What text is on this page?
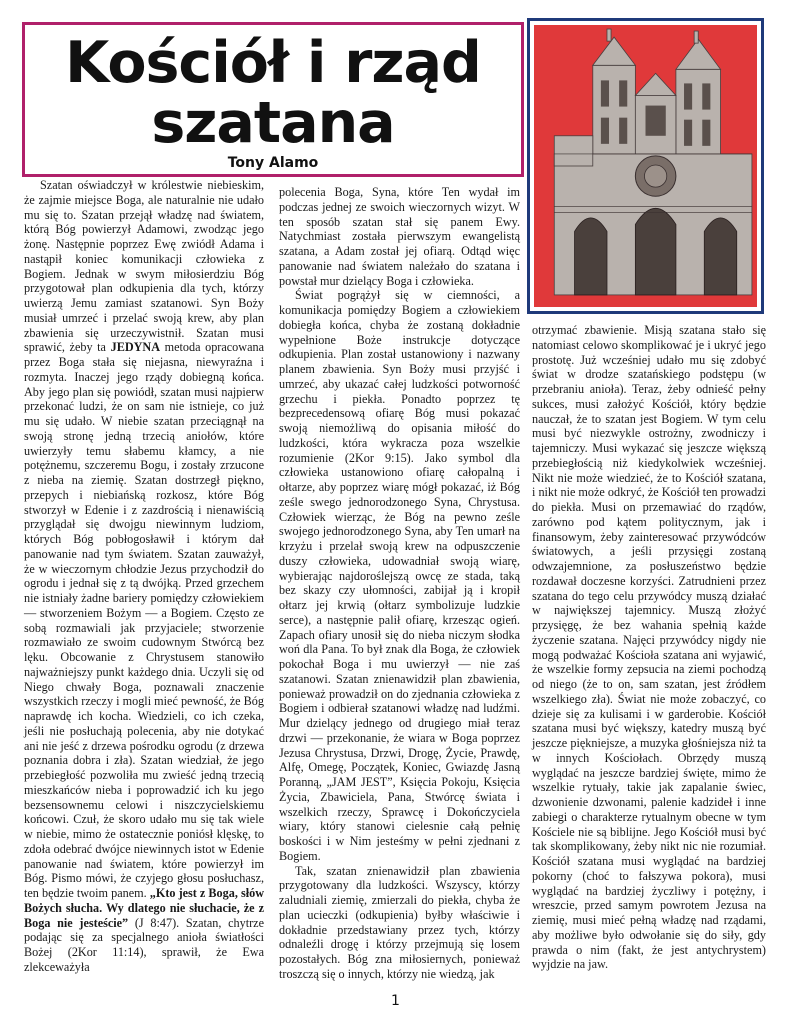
Kościół i rząd szatana
Tony Alamo

Szatan oświadczył w królestwie niebieskim, że zajmie miejsce Boga, ale naturalnie nie udało mu się to. Szatan przejął władzę nad światem, którą Bóg powierzył Adamowi, zwodząc jego żonę. Następnie poprzez Ewę zwiódł Adama i nastąpił koniec komunikacji człowieka z Bogiem. Jednak w swym miłosierdziu Bóg przygotował plan odkupienia dla tych, którzy uwierzą Jemu zamiast szatanowi. Syn Boży musiał umrzeć i przelać swoją krew, aby plan zbawienia się urzeczywistnił. Szatan musi sprawić, żeby ta JEDYNA metoda opracowana przez Boga stała się niejasna, niewyraźna i rozmyta. Inaczej jego rządy dobiegną końca. Aby jego plan się powiódł, szatan musi najpierw przekonać ludzi, że on sam nie istnieje, co już mu się udało. W niebie szatan przeciągnął na swoją stronę jedną trzecią aniołów, które uwierzyły temu słabemu kłamcy, a nie potężnemu, szczeremu Bogu, i zostały zrzucone z nieba na ziemię. Szatan dostrzegł piękno, przepych i niebiańską rozkosz, które Bóg stworzył w Edenie i z zazdrością i nienawiścią przyglądał się dwojgu niewinnym ludziom, których Bóg pobłogosławił i którym dał panowanie nad tym światem. Szatan zauważył, że w wieczornym chłodzie Jezus przychodził do ogrodu i jednał się z tą dwójką. Przed grzechem nie istniały żadne bariery pomiędzy człowiekiem — stworzeniem Bożym — a Bogiem. Często ze sobą rozmawiali jak przyjaciele; stworzenie rozmawiało ze swoim cudownym Stwórcą bez lęku. Obcowanie z Chrystusem stanowiło najważniejszy punkt każdego dnia. Uczyli się od Niego chwały Boga, poznawali znaczenie wszystkich rzeczy i mogli mieć pewność, że Bóg naprawdę ich kocha. Wiedzieli, co ich czeka, jeśli nie posłuchają polecenia, aby nie dotykać ani nie jeść z drzewa pośrodku ogrodu (z drzewa poznania dobra i zła). Szatan wiedział, że jego przebiegłość pozwoliła mu zwieść jedną trzecią mieszkańców nieba i poprowadzić ich ku jego bezsensownemu celowi i niszczycielskiemu końcowi. Czuł, że skoro udało mu się tak wiele w niebie, mimo że ostatecznie poniósł klęskę, to zdoła odebrać dwójce niewinnych istot w Edenie panowanie nad światem, które powierzył im Bóg. Pismo mówi, że czyjego głosu posłuchasz, ten będzie twoim panem. „Kto jest z Boga, słów Bożych słucha. Wy dlatego nie słuchacie, że z Boga nie jesteście” (J 8:47). Szatan, chytrze podając się za specjalnego anioła światłości Bożej (2Kor 11:14), sprawił, że Ewa zlekceważyła

polecenia Boga, Syna, które Ten wydał im podczas jednej ze swoich wieczornych wizyt. W ten sposób szatan stał się panem Ewy. Natychmiast została pierwszym ewangelistą szatana, a Adam został jej ofiarą. Odtąd więc panowanie nad światem należało do szatana i powstał mur dzielący Boga i człowieka.

Świat pogrążył się w ciemności, a komunikacja pomiędzy Bogiem a człowiekiem dobiegła końca, chyba że zostaną dokładnie wypełnione Boże instrukcje dotyczące odkupienia. Plan został ustanowiony i nazwany planem zbawienia. Syn Boży musi przyjść i umrzeć, aby ukazać całej ludzkości potworność grzechu i piekła. Ponadto poprzez tę bezprecedensową ofiarę Bóg musi pokazać swoją niemożliwą do opisania miłość do ludzkości, która wykracza poza wszelkie rozumienie (2Kor 9:15). Jako symbol dla człowieka ustanowiono ofiarę całopalną i ołtarze, aby poprzez wiarę mógł pokazać, iż Bóg ześle swego jednorodzonego Syna, Chrystusa. Człowiek wierząc, że Bóg na pewno ześle swojego jednorodzonego Syna, aby Ten umarł na krzyżu i przelał swoją krew na odpuszczenie duszy człowieka, udowadniał swoją wiarę, wybierając najdoroślejszą owcę ze stada, taką bez skazy czy ułomności, zabijał ją i kropił ołtarz jej krwią (ołtarz symbolizuje ludzkie serce), a następnie palił ofiarę, krzesząc ogień. Zapach ofiary unosił się do nieba niczym słodka woń dla Pana. To był znak dla Boga, że człowiek pokochał Boga i mu uwierzył — nie zaś szatanowi. Szatan znienawidził plan zbawienia, ponieważ prowadził on do zjednania człowieka z Bogiem i odbierał szatanowi władzę nad ludźmi. Mur dzielący jednego od drugiego miał teraz drzwi — przekonanie, że wiara w Boga poprzez Jezusa Chrystusa, Drzwi, Drogę, Życie, Prawdę, Alfę, Omegę, Początek, Koniec, Gwiazdę Jasną Poranną, „JAM JEST”, Księcia Pokoju, Księcia Życia, Zbawiciela, Pana, Stwórcę świata i wszelkich rzeczy, Sprawcę i Dokończyciela wiary, który stanowi cielesnie całą pełnię boskości i w Nim jesteśmy w pełni zjednani z Bogiem.

Tak, szatan znienawidził plan zbawienia przygotowany dla ludzkości. Wszyscy, którzy zaludniali ziemię, zmierzali do piekła, chyba że plan ucieczki (odkupienia) byłby właściwie i dokładnie przedstawiany przez tych, którzy odnaleźli drogę i którzy przejmują się losem pozostałych. Bóg zna miłosiernych, ponieważ troszczą się o innych, którzy nie wiedzą, jak

otrzymać zbawienie. Misją szatana stało się natomiast celowo skomplikować je i ukryć jego prostotę. Już wcześniej udało mu się zdobyć świat w drodze szatańskiego podstępu (w przebraniu anioła). Teraz, żeby odnieść pełny sukces, musi założyć Kościół, który będzie nauczał, że to szatan jest Bogiem. W tym celu musi być niezwykle ostrożny, zwodniczy i tajemniczy. Musi wykazać się jeszcze większą przebiegłością niż kiedykolwiek wcześniej. Nikt nie może wiedzieć, że to Kościół szatana, i nikt nie może odkryć, że Kościół ten prowadzi do piekła. Musi on przemawiać do rządów, zarówno pod kątem politycznym, jak i finansowym, żeby zainteresować przywódców światowych, a jeśli przysięgi zostaną odwzajemnione, za posłuszeństwo będzie rozdawał doczesne korzyści. Zatrudnieni przez szatana do tego celu przywódcy muszą działać w największej tajemnicy. Muszą złożyć przysięgę, że bez wahania spełnią każde życzenie szatana. Najęci przywódcy nigdy nie mogą podważać Kościoła szatana ani wyjawić, że wszelkie formy zepsucia na ziemi pochodzą od niego (że to on, sam szatan, jest źródłem wszelkiego zła). Świat nie może zobaczyć, co dzieje się za kulisami i w garderobie. Kościół szatana musi być większy, katedry muszą być jeszcze piękniejsze, a muzyka głośniejsza niż ta w innych Kościołach. Obrzędy muszą wyglądać na jeszcze bardziej święte, mimo że wszelkie rytuały, takie jak zapalanie świec, dzwonienie dzwonami, palenie kadzideł i inne zabiegi o charakterze rytualnym obecne w tym Kościele nie są biblijne. Jego Kościół musi być tak skomplikowany, żeby nikt nic nie rozumiał. Kościół szatana musi wyglądać na bardziej pokorny (choć to fałszywa pokora), musi wyglądać na bardziej życzliwy i potężny, i wreszcie, przed samym powrotem Jezusa na ziemię, musi mieć pełną władzę nad rządami, aby możliwe było odwołanie się do siły, gdy prawda o nim (fakt, że jest antychrystem) wyjdzie na jaw.

1
